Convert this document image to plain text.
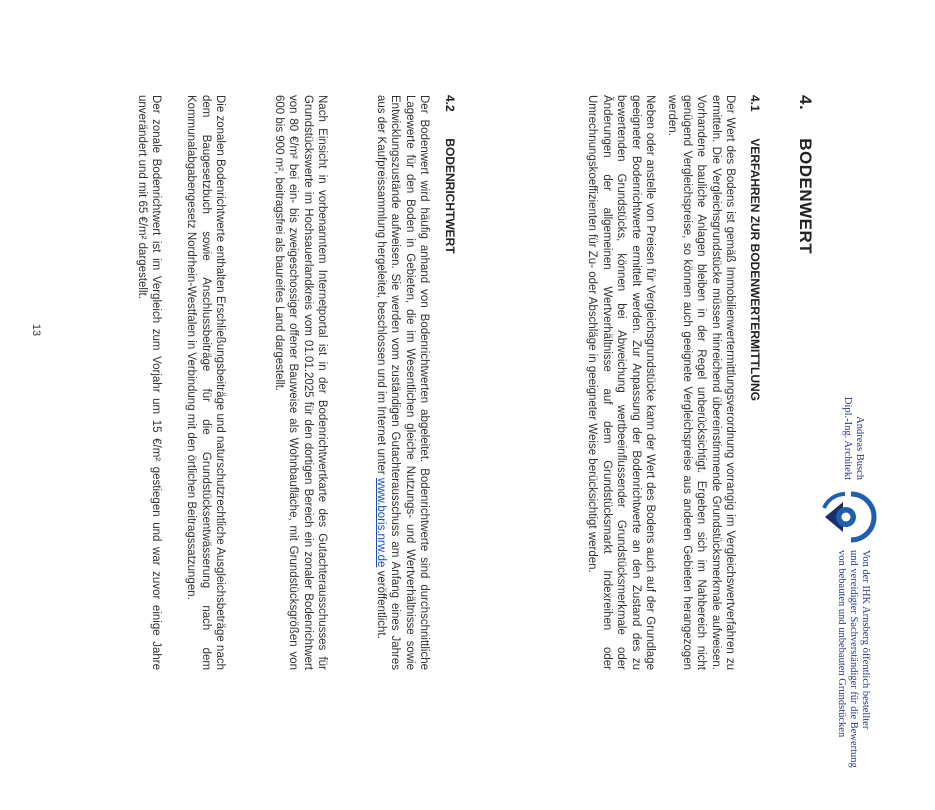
Andreas Busch
Dipl.-Ing. Architekt
Von der IHK Arnsberg öffentlich bestellter
und vereidigter Sachverständiger für die Bewertung
von bebauten und unbebauten Grundstücken
4. BODENWERT
4.1 VERFAHREN ZUR BODENWERTERMITTLUNG
Der Wert des Bodens ist gemäß Immobilienwertermittlungsverordnung vorrangig im Vergleichswertverfahren zu ermitteln. Die Vergleichsgrundstücke müssen hinreichend übereinstimmende Grundstücksmerkmale aufweisen. Vorhandene bauliche Anlagen bleiben in der Regel unberücksichtigt. Ergeben sich im Nahbereich nicht genügend Vergleichspreise, so können auch geeignete Vergleichspreise aus anderen Gebieten herangezogen werden.
Neben oder anstelle von Preisen für Vergleichsgrundstücke kann der Wert des Bodens auch auf der Grundlage geeigneter Bodenrichtwerte ermittelt werden. Zur Anpassung der Bodenrichtwerte an den Zustand des zu bewertenden Grundstücks, können bei Abweichung wertbeeinflussender Grundstücksmerkmale oder Änderungen der allgemeinen Wertverhältnisse auf dem Grundstücksmarkt Indexreihen oder Umrechnungskoeffizienten für Zu- oder Abschläge in geeigneter Weise berücksichtigt werden.
4.2 BODENRICHTWERT
Der Bodenwert wird häufig anhand von Bodenrichtwerten abgeleitet. Bodenrichtwerte sind durchschnittliche Lagewerte für den Boden in Gebieten, die im Wesentlichen gleiche Nutzungs- und Wertverhältnisse sowie Entwicklungszustände aufweisen. Sie werden vom zuständigen Gutachterausschuss am Anfang eines Jahres aus der Kaufpreissammlung hergeleitet, beschlossen und im Internet unter www.boris.nrw.de veröffentlicht.
Nach Einsicht in vorbenanntem Internetportal ist in der Bodenrichtwertkarte des Gutachterausschusses für Grundstückswerte im Hochsauerlandkreis vom 01.01.2025 für den dortigen Bereich ein zonaler Bodenrichtwert von 80 €/m² bei ein- bis zweigeschossiger offener Bauweise als Wohnbaufläche, mit Grundstücksgrößen von 600 bis 900 m², beitragsfrei als baureifes Land dargestellt.
Die zonalen Bodenrichtwerte enthalten Erschließungsbeiträge und naturschutzrechtliche Ausgleichsbeträge nach dem Baugesetzbuch sowie Anschlussbeiträge für die Grundstücksentwässerung nach dem Kommunalabgabengesetz Nordrhein-Westfalen in Verbindung mit den örtlichen Beitragssatzungen.
Der zonale Bodenrichtwert ist im Vergleich zum Vorjahr um 15 €/m² gestiegen und war zuvor einige Jahre unverändert und mit 65 €/m² dargestellt.
13
